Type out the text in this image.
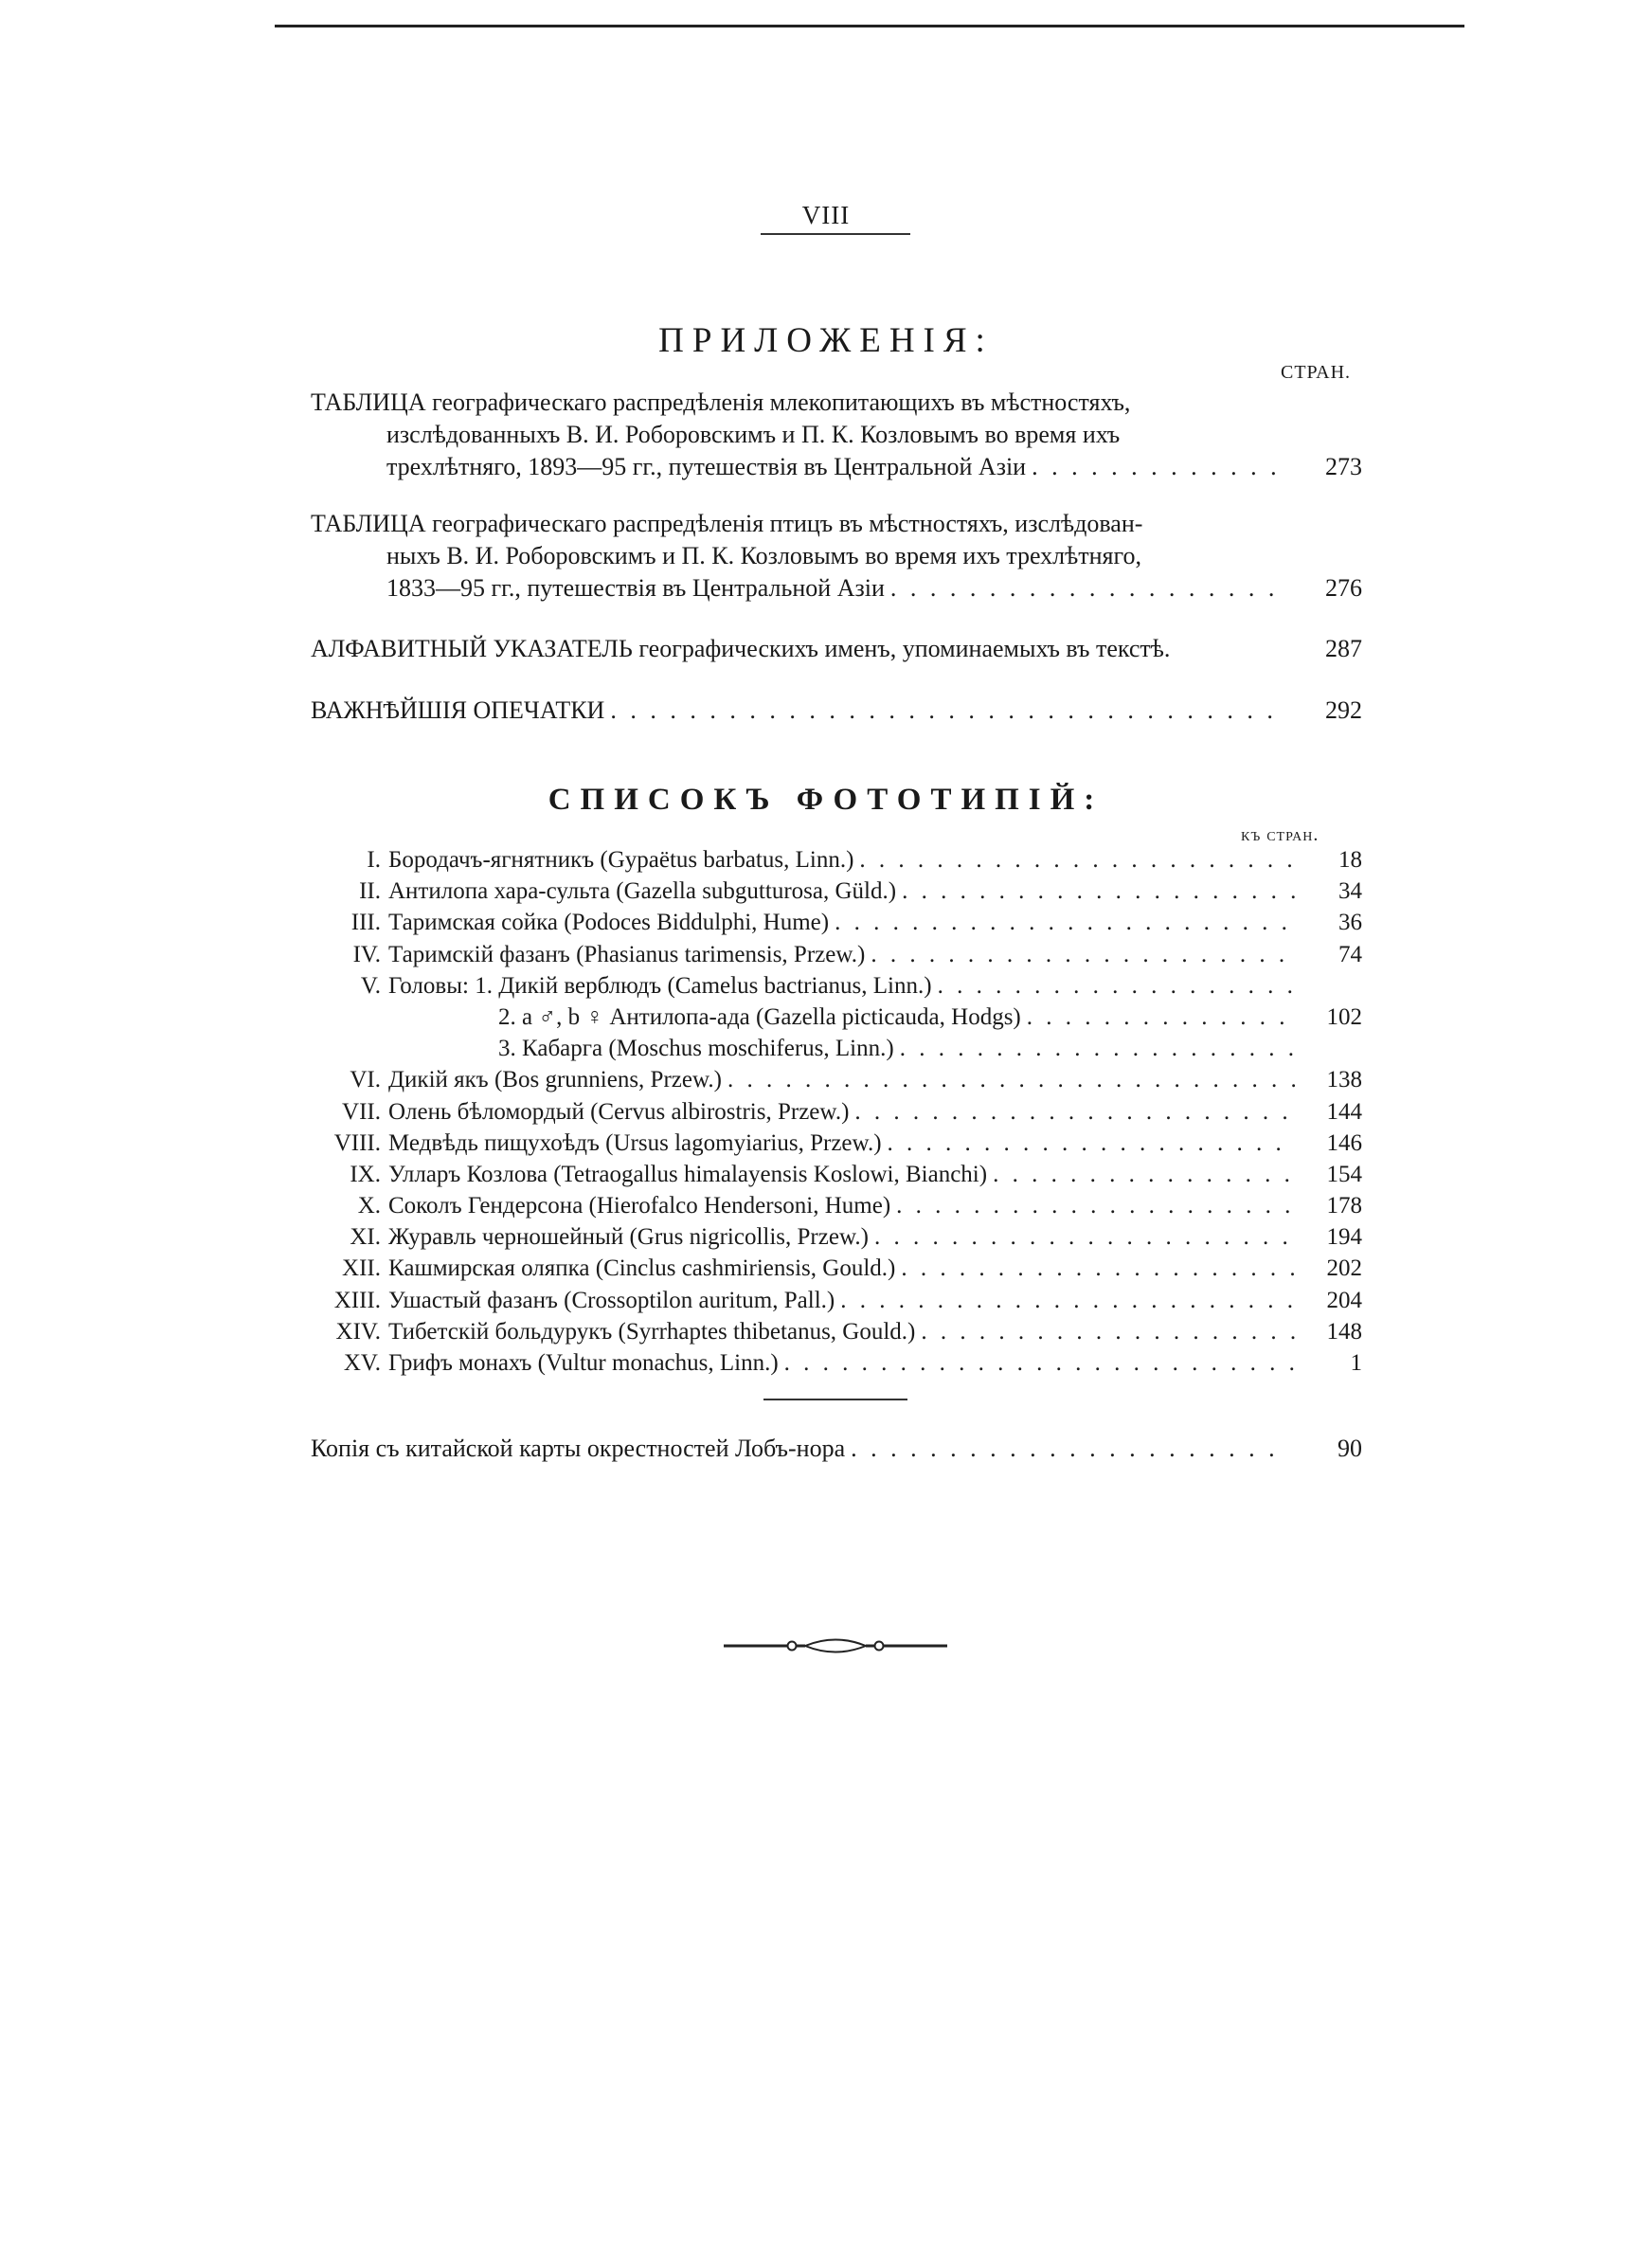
VIII
ПРИЛОЖЕНІЯ:
СТРАН.
ТАБЛИЦА географическаго распредѣленія млекопитающихъ въ мѣстностяхъ,
изслѣдованныхъ В. И. Роборовскимъ и П. К. Козловымъ во время ихъ
трехлѣтняго, 1893—95 гг., путешествія въ Центральной Азіи . . .	273
ТАБЛИЦА географическаго распредѣленія птицъ въ мѣстностяхъ, изслѣдован-
ныхъ В. И. Роборовскимъ и П. К. Козловымъ во время ихъ трехлѣтняго,
1833—95 гг., путешествія въ Центральной Азіи . . .	276
АЛФАВИТНЫЙ УКАЗАТЕЛЬ географическихъ именъ, упоминаемыхъ въ текстѣ.	287
ВАЖНѢЙШІЯ ОПЕЧАТКИ . . .	292
СПИСОКЪ ФОТОТИПІЙ:
къ стран.
I. Бородачъ-ягнятникъ (Gypaëtus barbatus, Linn.) . . .	18
II. Антилопа хара-сульта (Gazella subgutturosa, Güld.) . . .	34
III. Таримская сойка (Podoces Biddulphi, Hume) . . .	36
IV. Таримскій фазанъ (Phasianus tarimensis, Przew.) . . .	74
V. Головы: 1. Дикій верблюдъ (Camelus bactrianus, Linn.)
. . .
2. a ♂, b ♀ Антилопа-ада (Gazella picticauda, Hodgs) . . .	102
3. Кабарга (Moschus moschiferus, Linn.)
. . .
VI. Дикій якъ (Bos grunniens, Przew.) . . .	138
VII. Олень бѣломордый (Cervus albirostris, Przew.) . . .	144
VIII. Медвѣдь пищухоѣдъ (Ursus lagomyiarius, Przew.) . . .	146
IX. Улларъ Козлова (Tetraogallus himalayensis Koslowi, Bianchi) . . .	154
X. Соколъ Гендерсона (Hierofalco Hendersoni, Hume) . . .	178
XI. Журавль черношейный (Grus nigricollis, Przew.) . . .	194
XII. Кашмирская оляпка (Cinclus cashmiriensis, Gould.) . . .	202
XIII. Ушастый фазанъ (Crossoptilon auritum, Pall.) . . .	204
XIV. Тибетскій больдурукъ (Syrrhaptes thibetanus, Gould.) . . .	148
XV. Грифъ монахъ (Vultur monachus, Linn.) . . .	1
Копія съ китайской карты окрестностей Лобъ-нора . . .	90
